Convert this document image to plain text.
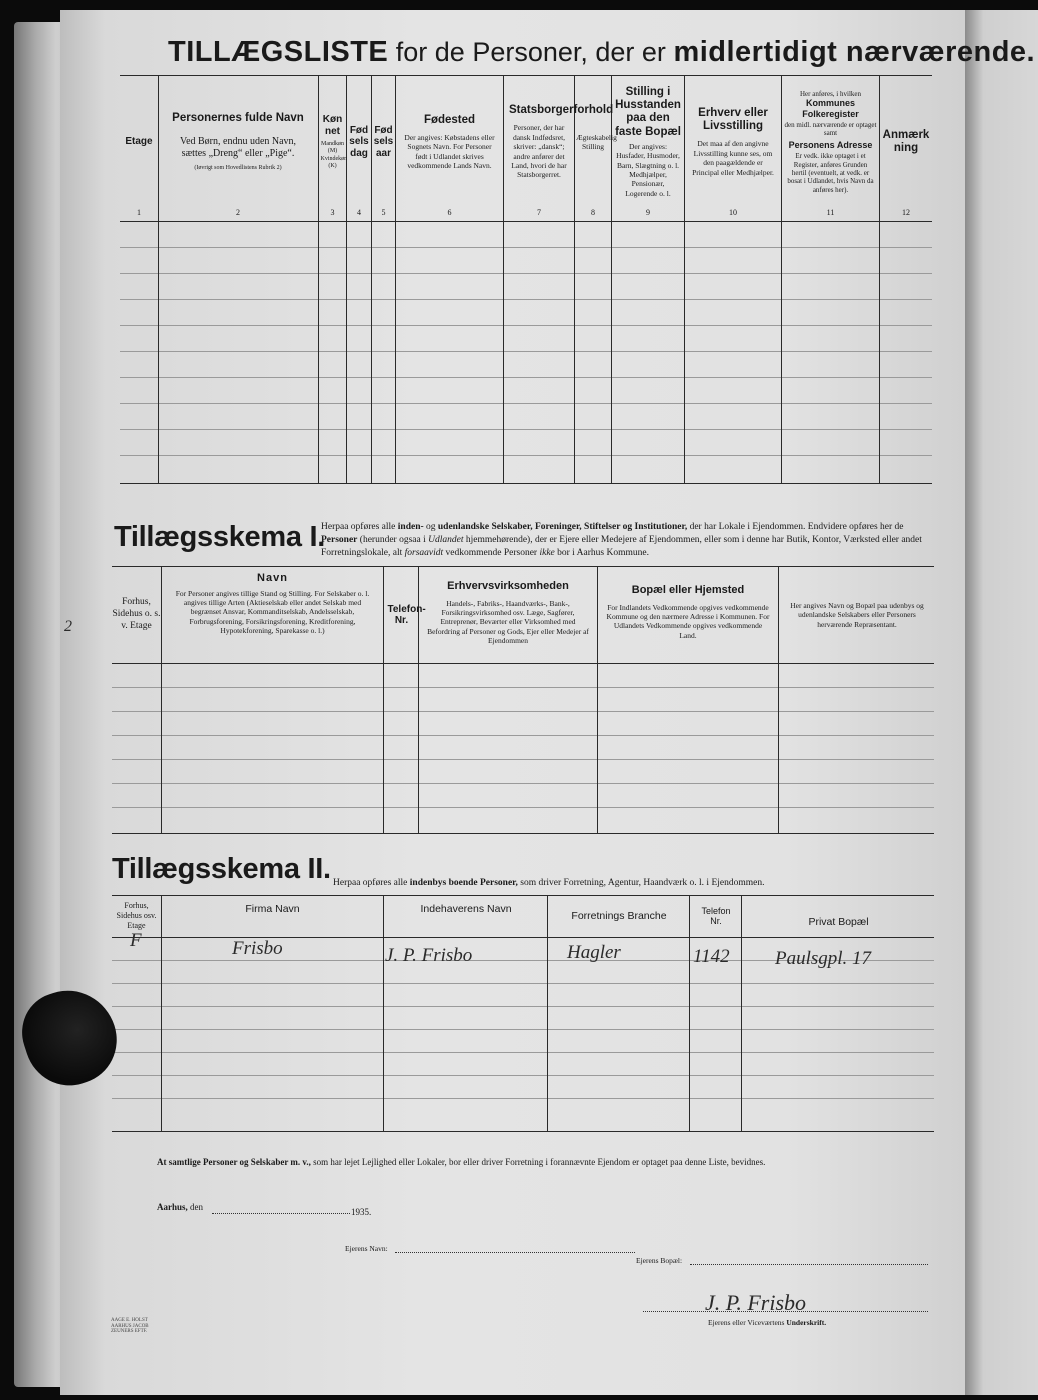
TILLÆGSLISTE for de Personer, der er midlertidigt nærværende.
Etage
Personernes fulde Navn
Ved Børn, endnu uden Navn, sættes „Dreng“ eller „Pige“.
(Iøvrigt som Hovedlistens Rubrik 2)
Kønnet
Mandkøn (M) Kvindekøn (K)
Fødselsdag
Fødselsaar
Fødested
Der angives: Købstadens eller Sognets Navn. For Personer født i Udlandet skrives vedkommende Lands Navn.
Statsborgerforhold
Personer, der har dansk Indfødsret, skriver: „dansk“; andre anfører det Land, hvori de har Statsborgerret.
Ægteskabelig Stilling
Stilling i Husstanden paa den faste Bopæl
Der angives: Husfader, Husmoder, Barn, Slægtning o. l. Medhjælper, Pensionær, Logerende o. l.
Erhverv eller Livsstilling
Det maa af den angivne Livsstilling kunne ses, om den paagældende er Principal eller Medhjælper.
Her anføres, i hvilken
Kommunes Folkeregister
den midl. nærværende er optaget samt
Personens Adresse
Er vedk. ikke optaget i et Register, anføres Grunden hertil (eventuelt, at vedk. er bosat i Udlandet, hvis Navn da anføres her).
Anmærkning
1	2	3	4	5	6	7	8	9	10	11	12
Tillægsskema I.
Herpaa opføres alle inden- og udenlandske Selskaber, Foreninger, Stiftelser og Institutioner, der har Lokale i Ejendommen. Endvidere opføres her de Personer (herunder ogsaa i Udlandet hjemmehørende), der er Ejere eller Medejere af Ejendommen, eller som i denne har Butik, Kontor, Værksted eller andet Forretningslokale, alt forsaavidt vedkommende Personer ikke bor i Aarhus Kommune.
Forhus, Sidehus o. s. v. Etage
Navn
For Personer angives tillige Stand og Stilling. For Selskaber o. l. angives tillige Arten (Aktieselskab eller andet Selskab med begrænset Ansvar, Kommanditselskab, Andelsselskab, Forbrugsforening, Forsikringsforening, Kreditforening, Hypotekforening, Sparekasse o. l.)
Telefon-Nr.
Erhvervsvirksomheden
Handels-, Fabriks-, Haandværks-, Bank-, Forsikringsvirksomhed osv. Læge, Sagfører, Entreprenør, Beværter eller Virksomhed med Befordring af Personer og Gods, Ejer eller Medejer af Ejendommen
Bopæl eller Hjemsted
For Indlandets Vedkommende opgives vedkommende Kommune og den nærmere Adresse i Kommunen. For Udlandets Vedkommende opgives vedkommende Land.
Her angives Navn og Bopæl paa udenbys og udenlandske Selskabers eller Personers herværende Repræsentant.
2
Tillægsskema II. Herpaa opføres alle indenbys boende Personer, som driver Forretning, Agentur, Haandværk o. l. i Ejendommen.
Forhus, Sidehus osv. Etage
Firma Navn	Indehaverens Navn
Forretnings Branche	Telefon Nr.	Privat Bopæl
F	Frisbo	J. P. Frisbo	Hagler	1142 Paulsgpl. 17
At samtlige Personer og Selskaber m. v., som har lejet Lejlighed eller Lokaler, bor eller driver Forretning i forannævnte Ejendom er optaget paa denne Liste, bevidnes.
Aarhus, den	1935.
Ejerens Navn:
Ejerens Bopæl:
J. P. Frisbo
Ejerens eller Viceværtens Underskrift.
AAGE E. HOLST AARHUS JACOB ZEUNERS EFTF.
